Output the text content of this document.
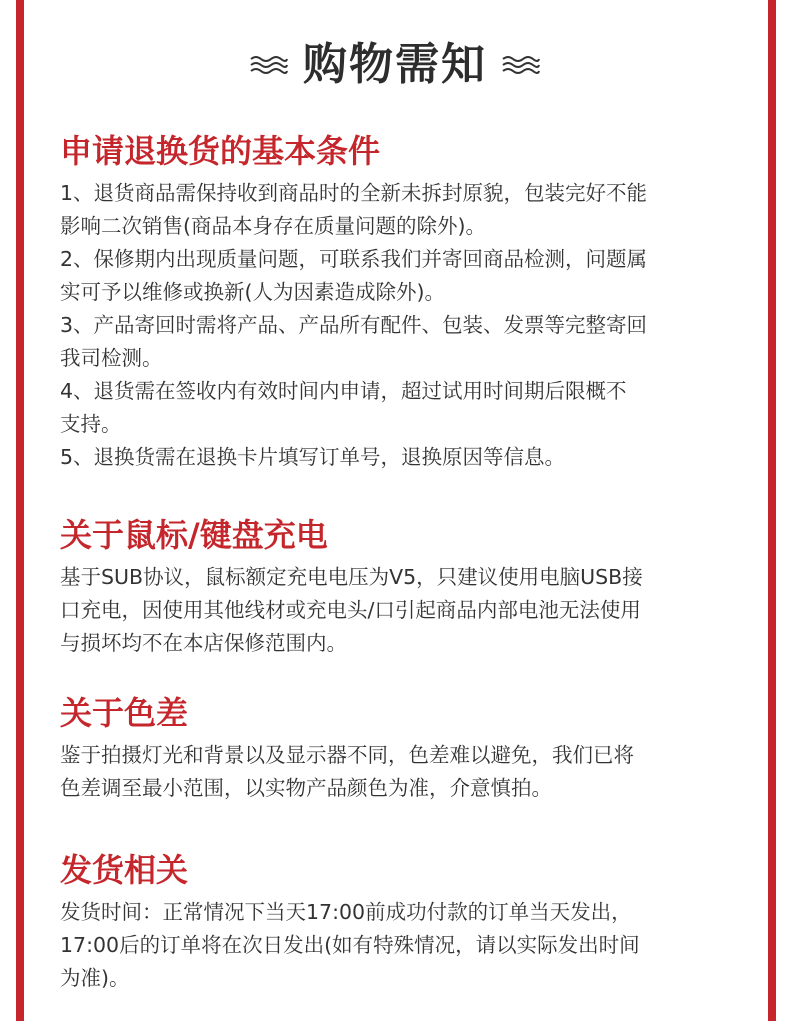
购物需知
申请退换货的基本条件

1、退货商品需保持收到商品时的全新未拆封原貌，包装完好不能

影响二次销售(商品本身存在质量问题的除外)。

2、保修期内出现质量问题，可联系我们并寄回商品检测，问题属

实可予以维修或换新(人为因素造成除外)。

3、产品寄回时需将产品、产品所有配件、包装、发票等完整寄回

我司检测。

4、退货需在签收内有效时间内申请，超过试用时间期后限概不

支持。

5、退换货需在退换卡片填写订单号，退换原因等信息。

关于鼠标/键盘充电

基于SUB协议，鼠标额定充电电压为V5，只建议使用电脑USB接

口充电，因使用其他线材或充电头/口引起商品内部电池无法使用

与损坏均不在本店保修范围内。

关于色差

鉴于拍摄灯光和背景以及显示器不同，色差难以避免，我们已将

色差调至最小范围，以实物产品颜色为准，介意慎拍。

发货相关

发货时间：正常情况下当天17:00前成功付款的订单当天发出，

17:00后的订单将在次日发出(如有特殊情况，请以实际发出时间

为准)。
